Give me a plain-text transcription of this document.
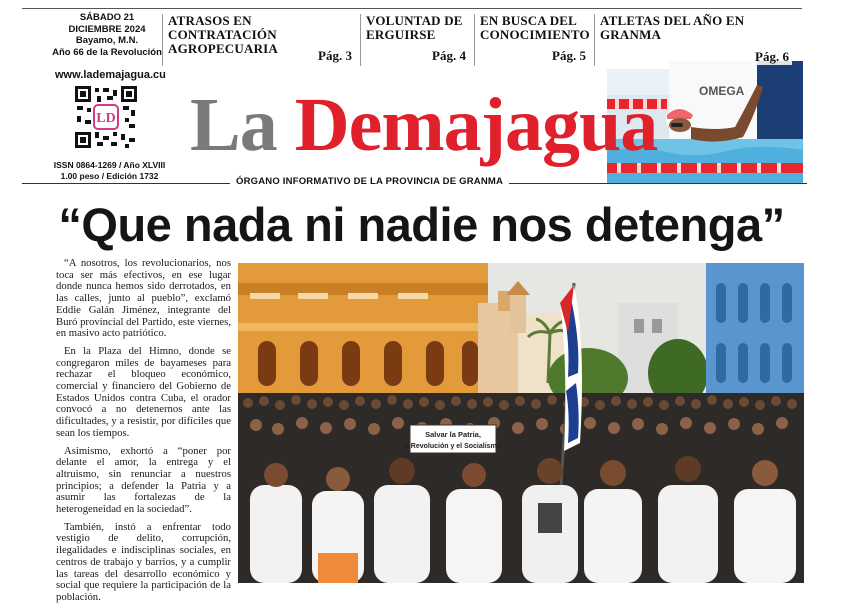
SÁBADO 21
DICIEMBRE 2024
Bayamo, M.N.
Año 66 de la Revolución
ATRASOS EN CONTRATACIÓN AGROPECUARIA	Pág. 3
VOLUNTAD DE ERGUIRSE
Pág. 4
EN BUSCA DEL CONOCIMIENTO
Pág. 5
ATLETAS DEL AÑO EN GRANMA
OMEGA
Pág. 6
www.lademajagua.cu
LD
ISSN 0864-1269 / Año XLVIII
1.00 peso / Edición 1732
La Demajagua
ÓRGANO INFORMATIVO DE LA PROVINCIA DE GRANMA
“Que nada ni nadie nos detenga”

“A nosotros, los revolucionarios, nos toca ser más efectivos, en ese lugar donde nunca hemos sido derrotados, en las calles, junto al pueblo”, exclamó Eddie Galán Jiménez, integrante del Buró provincial del Partido, este viernes, en masivo acto patriótico.

En la Plaza del Himno, donde se congregaron miles de bayameses para rechazar el bloqueo económico, comercial y financiero del Gobierno de Estados Unidos contra Cuba, el orador convocó a no detenernos ante las dificultades, y a resistir, por difíciles que sean los tiempos.

Asimismo, exhortó a “poner por delante el amor, la entrega y el altruismo, sin renunciar a nuestros principios; a defender la Patria y a asumir las fortalezas de la heterogeneidad en la sociedad”.

También, instó a enfrentar todo vestigio de delito, corrupción, ilegalidades e indisciplinas sociales, en centros de trabajo y barrios, y a cumplir las tareas del desarrollo económico y social que requiere la participación de la población.

Salvar la Patria,
la Revolución y el Socialismo.
